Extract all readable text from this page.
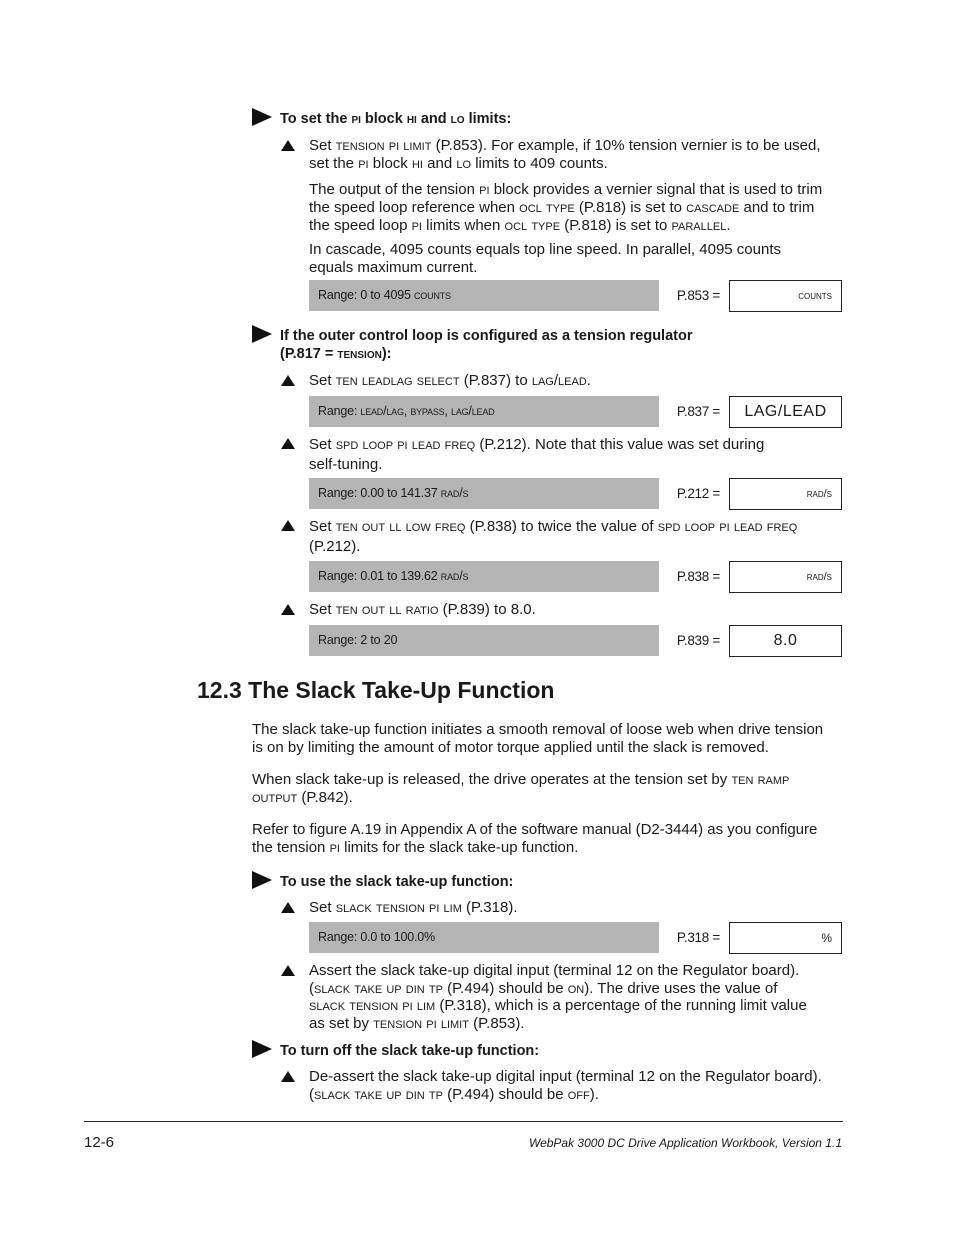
To set the pi block hi and lo limits:
Set tension pi limit (P.853). For example, if 10% tension vernier is to be used,
set the pi block hi and lo limits to 409 counts.
The output of the tension pi block provides a vernier signal that is used to trim
the speed loop reference when ocl type (P.818) is set to cascade and to trim
the speed loop pi limits when ocl type (P.818) is set to parallel.
In cascade, 4095 counts equals top line speed. In parallel, 4095 counts
equals maximum current.
Range: 0 to 4095 counts	P.853 =	counts
If the outer control loop is configured as a tension regulator
(P.817 = tension):
Set ten leadlag select (P.837) to lag/lead.
Range: lead/lag, bypass, lag/lead	P.837 =	LAG/LEAD
Set spd loop pi lead freq (P.212). Note that this value was set during
self-tuning.
Range: 0.00 to 141.37 rad/s	P.212 =	rad/s
Set ten out ll low freq (P.838) to twice the value of spd loop pi lead freq
(P.212).
Range: 0.01 to 139.62 rad/s	P.838 =	rad/s
Set ten out ll ratio (P.839) to 8.0.
Range: 2 to 20	P.839 =	8.0
12.3 The Slack Take-Up Function
The slack take-up function initiates a smooth removal of loose web when drive tension
is on by limiting the amount of motor torque applied until the slack is removed.
When slack take-up is released, the drive operates at the tension set by ten ramp
output (P.842).
Refer to figure A.19 in Appendix A of the software manual (D2-3444) as you configure
the tension pi limits for the slack take-up function.
To use the slack take-up function:
Set slack tension pi lim (P.318).
Range: 0.0 to 100.0%	P.318 =	%
Assert the slack take-up digital input (terminal 12 on the Regulator board).
(slack take up din tp (P.494) should be on). The drive uses the value of
slack tension pi lim (P.318), which is a percentage of the running limit value
as set by tension pi limit (P.853).
To turn off the slack take-up function:
De-assert the slack take-up digital input (terminal 12 on the Regulator board).
(slack take up din tp (P.494) should be off).
12-6	WebPak 3000 DC Drive Application Workbook, Version 1.1
